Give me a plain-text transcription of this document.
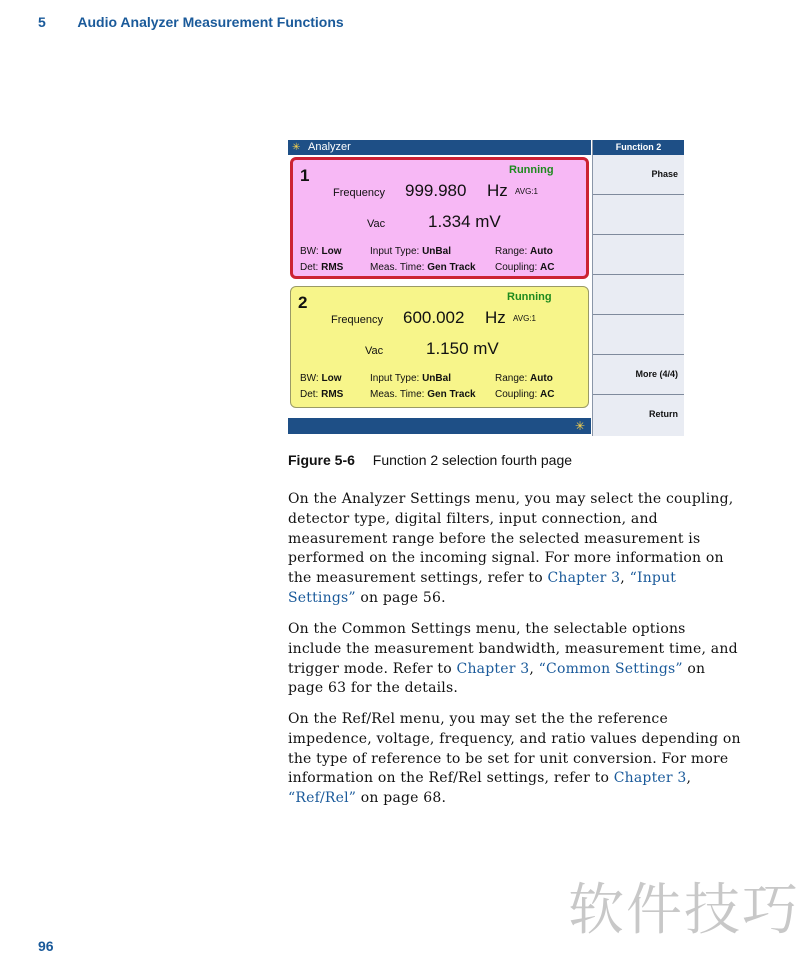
5 Audio Analyzer Measurement Functions
✳ Analyzer
1	Running
Frequency 999.980 Hz AVG:1
Vac	1.334 mV
BW: Low
Det: RMS
Input Type: UnBal
Meas. Time: Gen Track
Range: Auto
Coupling: AC
2	Running
Frequency 600.002 Hz AVG:1
Vac	1.150 mV
BW: Low
Det: RMS
Input Type: UnBal
Meas. Time: Gen Track
Range: Auto
Coupling: AC
✳
Function 2
Phase
More (4/4)
Return
Figure 5-6 Function 2 selection fourth page
On the Analyzer Settings menu, you may select the coupling,
detector type, digital filters, input connection, and
measurement range before the selected measurement is
performed on the incoming signal. For more information on
the measurement settings, refer to Chapter 3, “Input
Settings” on page 56.
On the Common Settings menu, the selectable options
include the measurement bandwidth, measurement time, and
trigger mode. Refer to Chapter 3, “Common Settings” on
page 63 for the details.
On the Ref/Rel menu, you may set the the reference
impedence, voltage, frequency, and ratio values depending on
the type of reference to be set for unit conversion. For more
information on the Ref/Rel settings, refer to Chapter 3,
“Ref/Rel” on page 68.
软件技巧
96
